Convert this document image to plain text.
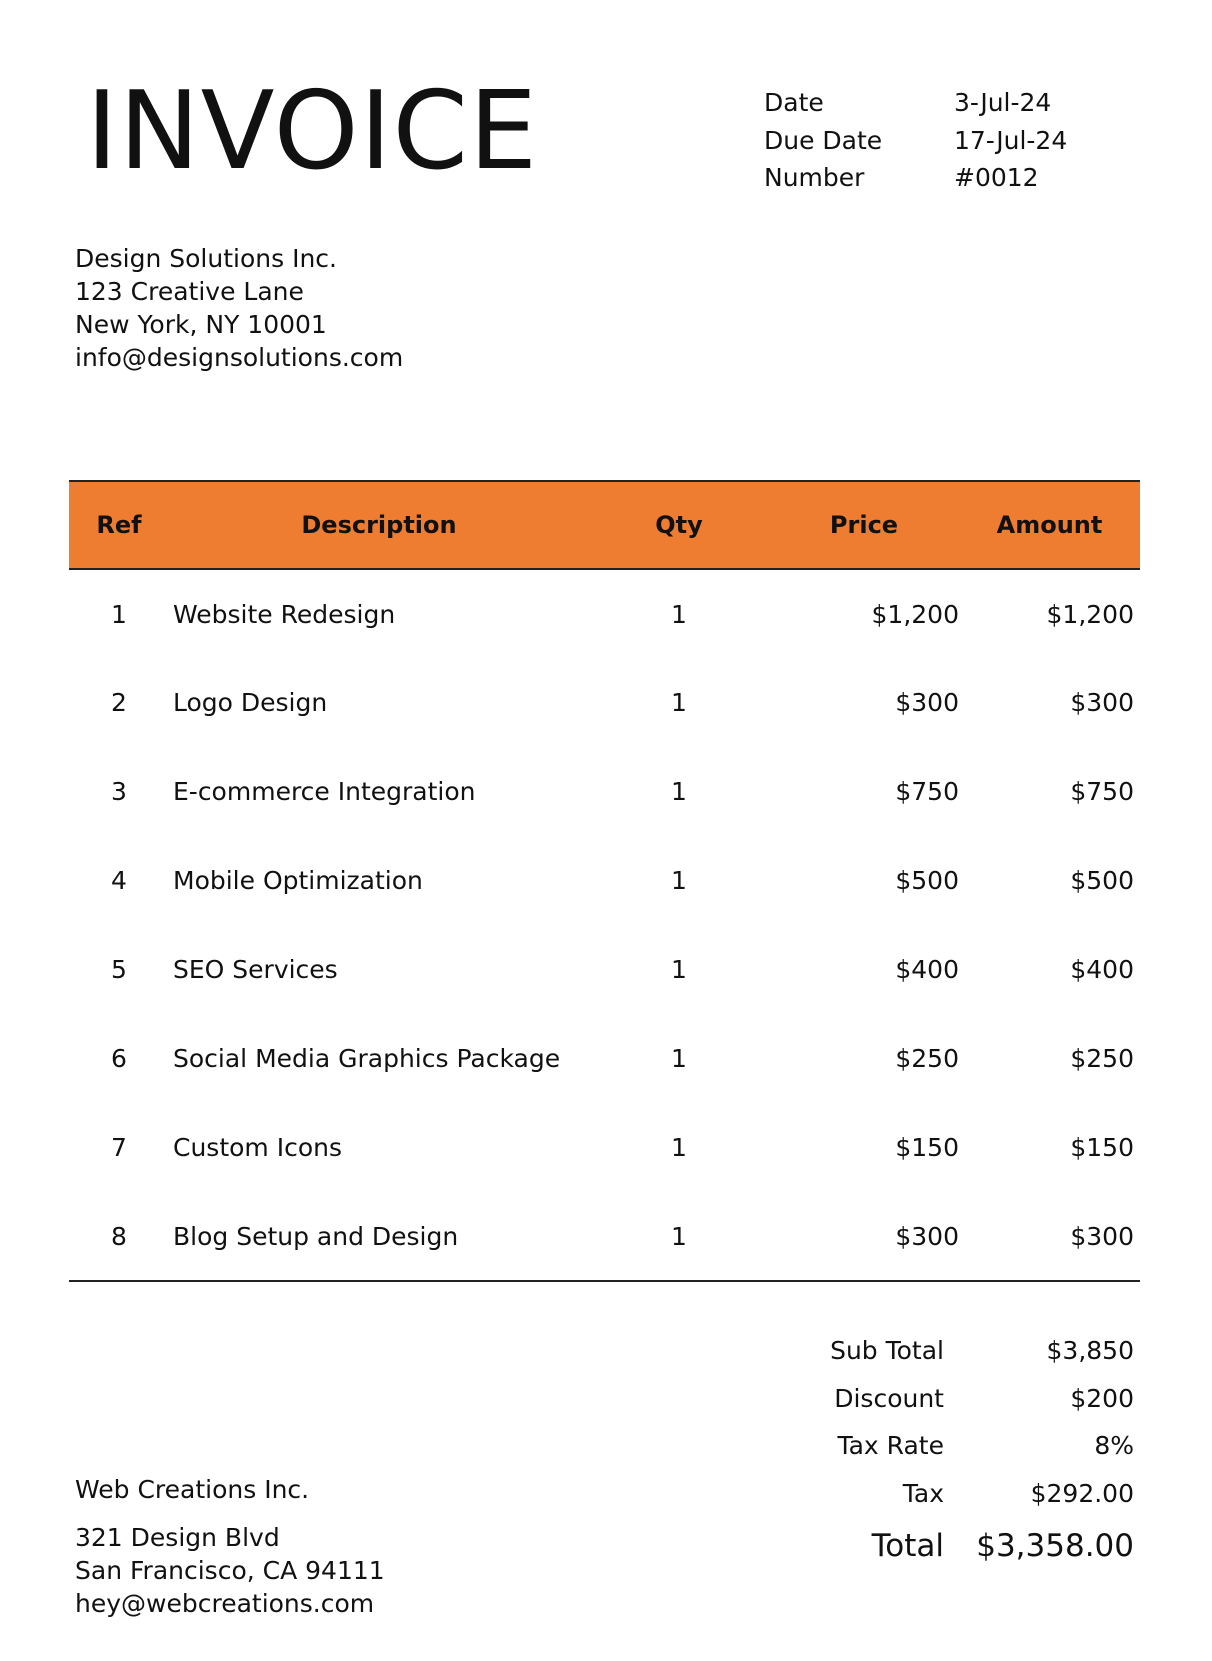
INVOICE	Date	3-Jul-24
Due Date	17-Jul-24
Number	#0012
Design Solutions Inc.
123 Creative Lane
New York, NY 10001
info@designsolutions.com
Ref	Description	Qty	Price	Amount
1	Website Redesign	1	$1,200	$1,200
2	Logo Design	1	$300	$300
3	E-commerce Integration	1	$750	$750
4	Mobile Optimization	1	$500	$500
5	SEO Services	1	$400	$400
6	Social Media Graphics Package	1	$250	$250
7	Custom Icons	1	$150	$150
8	Blog Setup and Design	1	$300	$300
Sub Total	$3,850
Discount	$200
Tax Rate	8%
Tax	$292.00
Total	$3,358.00
Web Creations Inc.
321 Design Blvd
San Francisco, CA 94111
hey@webcreations.com
